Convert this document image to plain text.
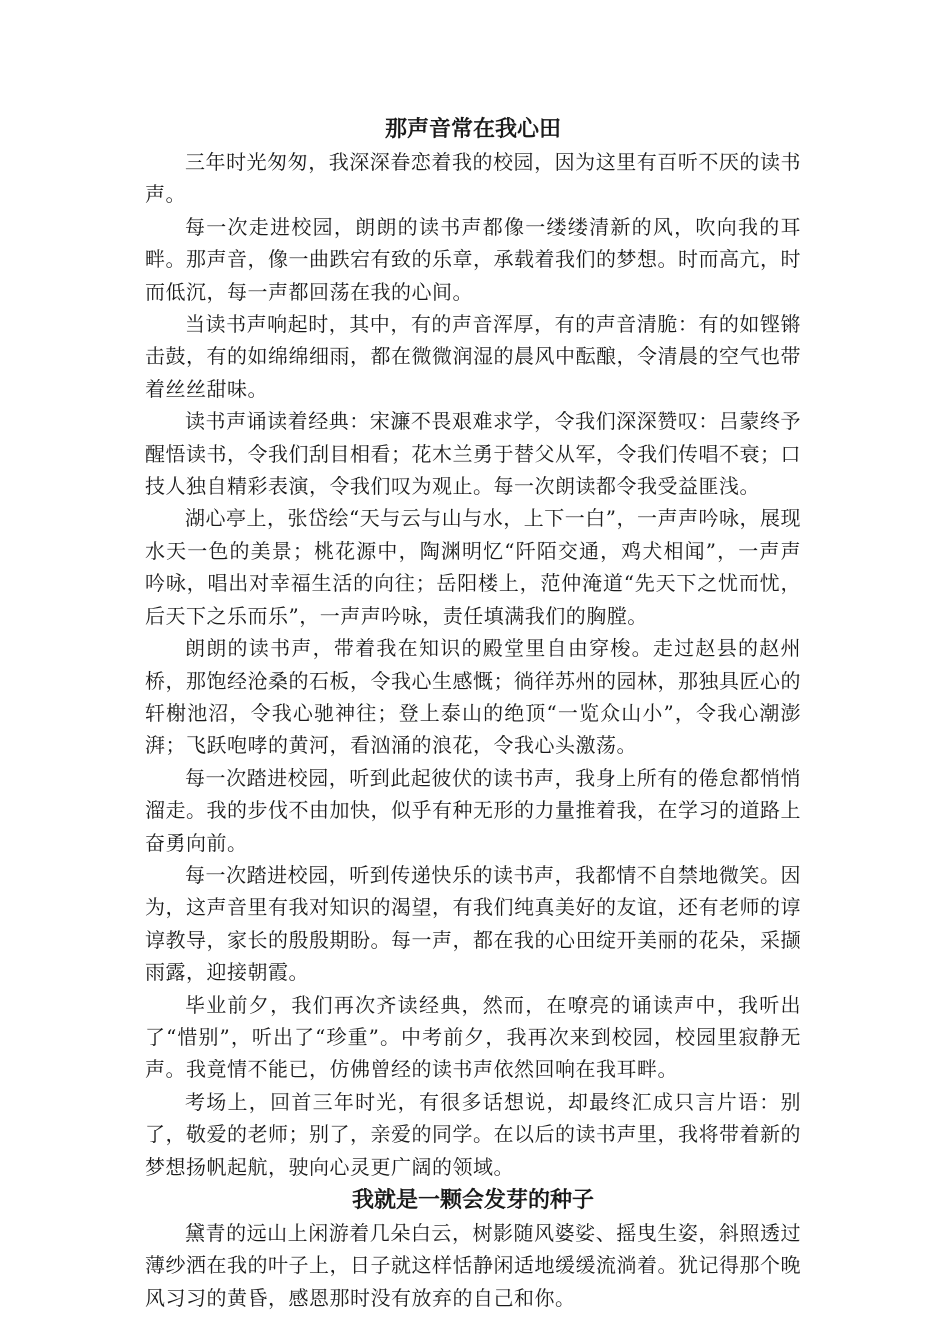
那声音常在我心田

三年时光匆匆，我深深眷恋着我的校园，因为这里有百听不厌的读书声。

每一次走进校园，朗朗的读书声都像一缕缕清新的风，吹向我的耳畔。那声音，像一曲跌宕有致的乐章，承载着我们的梦想。时而高亢，时而低沉，每一声都回荡在我的心间。

当读书声响起时，其中，有的声音浑厚，有的声音清脆：有的如铿锵击鼓，有的如绵绵细雨，都在微微润湿的晨风中酝酿，令清晨的空气也带着丝丝甜味。

读书声诵读着经典：宋濂不畏艰难求学，令我们深深赞叹：吕蒙终予醒悟读书，令我们刮目相看；花木兰勇于替父从军，令我们传唱不衰；口技人独自精彩表演，令我们叹为观止。每一次朗读都令我受益匪浅。

湖心亭上，张岱绘“天与云与山与水，上下一白”，一声声吟咏，展现水天一色的美景；桃花源中，陶渊明忆“阡陌交通，鸡犬相闻”，一声声吟咏，唱出对幸福生活的向往；岳阳楼上，范仲淹道“先天下之忧而忧，后天下之乐而乐”，一声声吟咏，责任填满我们的胸膛。

朗朗的读书声，带着我在知识的殿堂里自由穿梭。走过赵县的赵州桥，那饱经沧桑的石板，令我心生感慨；徜徉苏州的园林，那独具匠心的轩榭池沼，令我心驰神往；登上泰山的绝顶“一览众山小”，令我心潮澎湃；飞跃咆哮的黄河，看汹涌的浪花，令我心头激荡。

每一次踏进校园，听到此起彼伏的读书声，我身上所有的倦怠都悄悄溜走。我的步伐不由加快，似乎有种无形的力量推着我，在学习的道路上奋勇向前。

每一次踏进校园，听到传递快乐的读书声，我都情不自禁地微笑。因为，这声音里有我对知识的渴望，有我们纯真美好的友谊，还有老师的谆谆教导，家长的殷殷期盼。每一声，都在我的心田绽开美丽的花朵，采撷雨露，迎接朝霞。

毕业前夕，我们再次齐读经典，然而，在嘹亮的诵读声中，我听出了“惜别”，听出了“珍重”。中考前夕，我再次来到校园，校园里寂静无声。我竟情不能已，仿佛曾经的读书声依然回响在我耳畔。

考场上，回首三年时光，有很多话想说，却最终汇成只言片语：别了，敬爱的老师；别了，亲爱的同学。在以后的读书声里，我将带着新的梦想扬帆起航，驶向心灵更广阔的领域。

我就是一颗会发芽的种子

黛青的远山上闲游着几朵白云，树影随风婆娑、摇曳生姿，斜照透过薄纱洒在我的叶子上，日子就这样恬静闲适地缓缓流淌着。犹记得那个晚风习习的黄昏，感恩那时没有放弃的自己和你。
